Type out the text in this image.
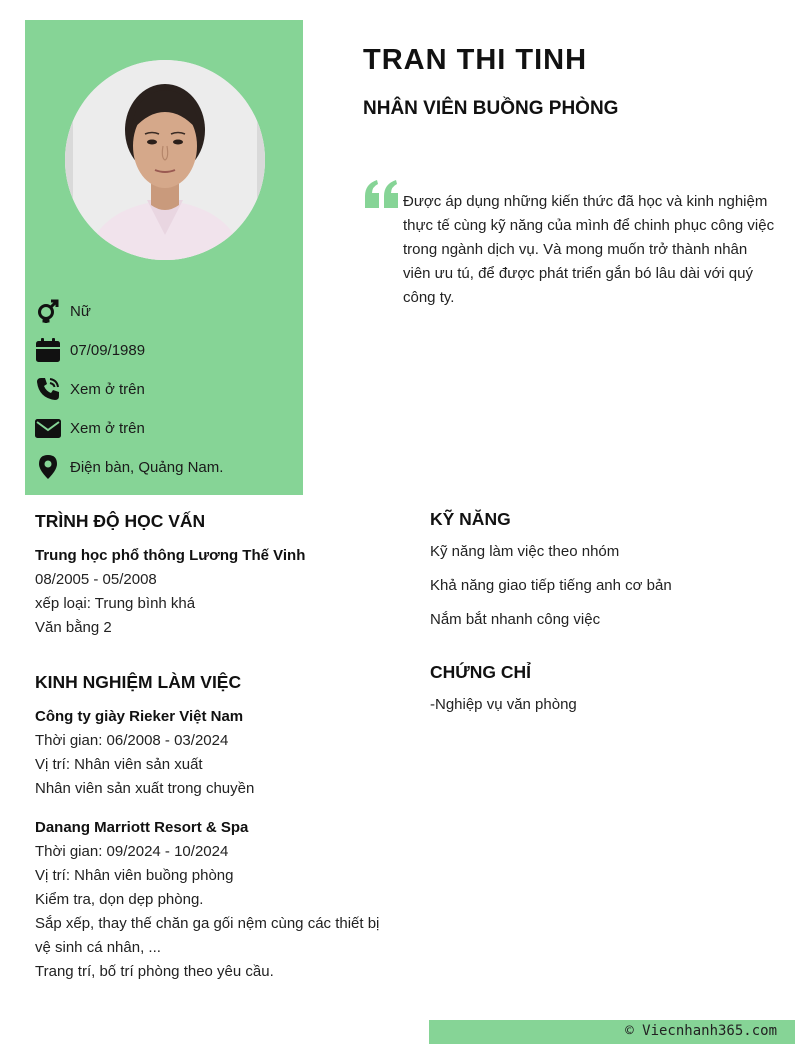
Nữ
07/09/1989
Xem ở trên
Xem ở trên
Điện bàn, Quảng Nam.
TRAN THI TINH
NHÂN VIÊN BUỒNG PHÒNG
Được áp dụng những kiến thức đã học và kinh nghiệm thực tế cùng kỹ năng của mình để chinh phục công việc trong ngành dịch vụ. Và mong muốn trở thành nhân viên ưu tú, để được phát triển gắn bó lâu dài với quý công ty.
TRÌNH ĐỘ HỌC VẤN
Trung học phổ thông Lương Thế Vinh
08/2005 - 05/2008
xếp loại: Trung bình khá
Văn bằng 2
KINH NGHIỆM LÀM VIỆC
Công ty giày Rieker Việt Nam
Thời gian: 06/2008 - 03/2024
Vị trí: Nhân viên sản xuất
Nhân viên sản xuất trong chuyền
Danang Marriott Resort & Spa
Thời gian: 09/2024 - 10/2024
Vị trí: Nhân viên buồng phòng
Kiểm tra, dọn dẹp phòng.
Sắp xếp, thay thế chăn ga gối nệm cùng các thiết bị vệ sinh cá nhân, ...
Trang trí, bố trí phòng theo yêu cầu.
KỸ NĂNG
Kỹ năng làm việc theo nhóm
Khả năng giao tiếp tiếng anh cơ bản
Nắm bắt nhanh công việc
CHỨNG CHỈ
-Nghiệp vụ văn phòng
© Viecnhanh365.com
